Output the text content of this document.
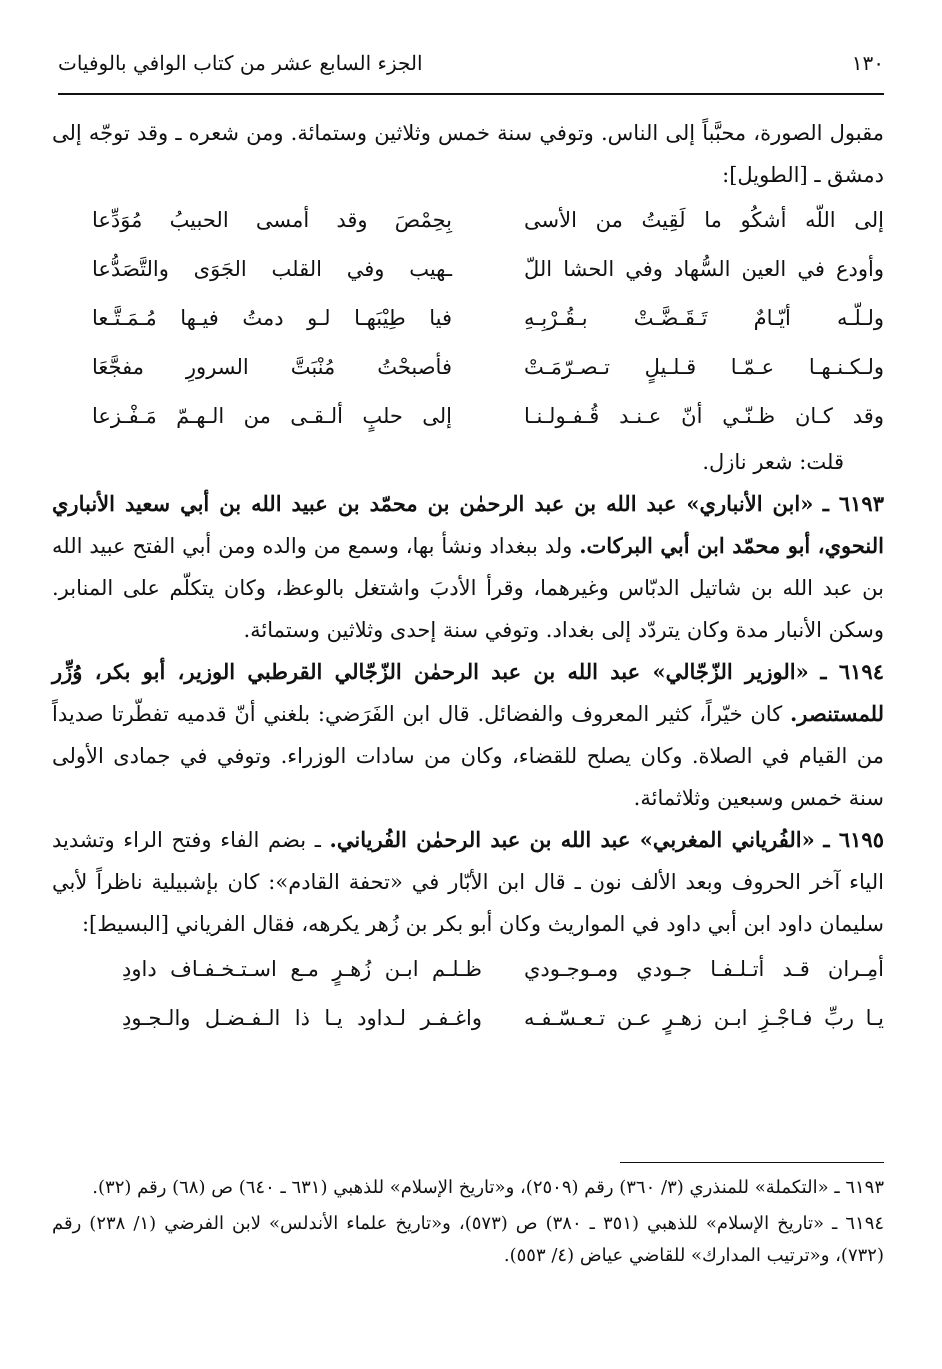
١٣٠
الجزء السابع عشر من كتاب الوافي بالوفيات

مقبول الصورة، محبَّباً إلى الناس. وتوفي سنة خمس وثلاثين وستمائة. ومن شعره ـ وقد توجّه إلى دمشق ـ [الطويل]:

إلى اللّه أشكُو ما لَقِيتُ من الأسى
بِحِمْصَ وقد أمسى الحبيبُ مُوَدِّعا
وأودع في العين السُّهاد وفي الحشا اللّ
ـهيب وفي القلب الجَوَى والتَّصَدُّعا
ولـلّـه أيّـامٌ تَـقَـضَّـتْ بـقُـرْبِـهِ
فيا طِيْبَهـا لـو دمتُ فيـها مُـمَـتَّـعا
ولـكـنـهـا عـمّـا قـلـيلٍ تـصـرّمَـتْ
فأصبحْتُ مُنْبَتَّ السرورِ مفجَّعَا
وقد كـان ظـنّـي أنّ عـنـد قُـفـولـنـا
إلى حلبٍ ألـقـى من الـهـمّ مَـفْـزعا

قلت: شعر نازل.

٦١٩٣ ـ «ابن الأنباري» عبد الله بن عبد الرحمٰن بن محمّد بن عبيد الله بن أبي سعيد الأنباري النحوي، أبو محمّد ابن أبي البركات. ولد ببغداد ونشأ بها، وسمع من والده ومن أبي الفتح عبيد الله بن عبد الله بن شاتيل الدبّاس وغيرهما، وقرأ الأدبَ واشتغل بالوعظ، وكان يتكلّم على المنابر. وسكن الأنبار مدة وكان يتردّد إلى بغداد. وتوفي سنة إحدى وثلاثين وستمائة.

٦١٩٤ ـ «الوزير الزّجّالي» عبد الله بن عبد الرحمٰن الزّجّالي القرطبي الوزير، أبو بكر، وُزِّر للمستنصر. كان خيّراً، كثير المعروف والفضائل. قال ابن الفَرَضي: بلغني أنّ قدميه تفطّرتا صديداً من القيام في الصلاة. وكان يصلح للقضاء، وكان من سادات الوزراء. وتوفي في جمادى الأولى سنة خمس وسبعين وثلاثمائة.

٦١٩٥ ـ «الفُرياني المغربي» عبد الله بن عبد الرحمٰن الفُرياني. ـ بضم الفاء وفتح الراء وتشديد الياء آخر الحروف وبعد الألف نون ـ قال ابن الأبّار في «تحفة القادم»: كان بإشبيلية ناظراً لأبي سليمان داود ابن أبي داود في المواريث وكان أبو بكر بن زُهر يكرهه، فقال الفرياني [البسيط]:

أمِـران قـد أتـلـفـا جـودي ومـوجـودي
ظـلـم ابـن زُهـرٍ مـع اسـتـخـفـاف داودِ
يـا ربِّ فـاجْـزِ ابـن زهـرٍ عـن تـعـسّـفـه
واغـفـر لـداود يـا ذا الـفـضـل والـجـودِ

٦١٩٣ ـ «التكملة» للمنذري (٣/ ٣٦٠) رقم (٢٥٠٩)، و«تاريخ الإسلام» للذهبي (٦٣١ ـ ٦٤٠) ص (٦٨) رقم (٣٢).

٦١٩٤ ـ «تاريخ الإسلام» للذهبي (٣٥١ ـ ٣٨٠) ص (٥٧٣)، و«تاريخ علماء الأندلس» لابن الفرضي (١/ ٢٣٨) رقم (٧٣٢)، و«ترتيب المدارك» للقاضي عياض (٤/ ٥٥٣).
